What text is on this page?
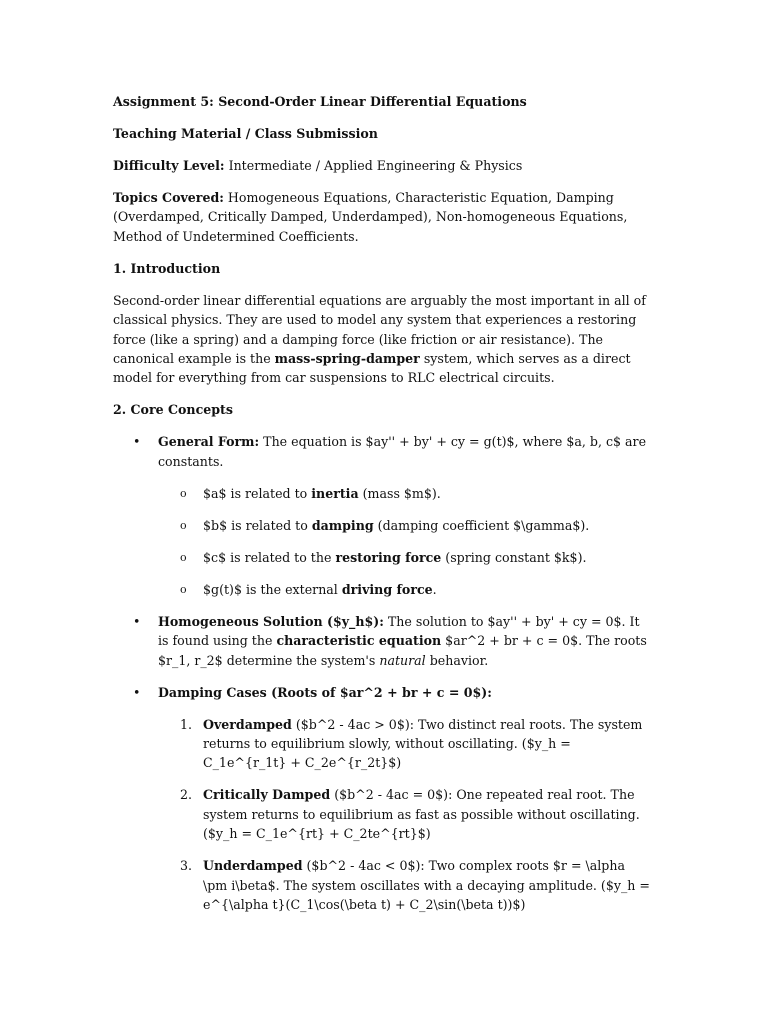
Assignment 5: Second-Order Linear Differential Equations

Teaching Material / Class Submission

Difficulty Level: Intermediate / Applied Engineering & Physics

Topics Covered: Homogeneous Equations, Characteristic Equation, Damping (Overdamped, Critically Damped, Underdamped), Non-homogeneous Equations, Method of Undetermined Coefficients.

1. Introduction

Second-order linear differential equations are arguably the most important in all of classical physics. They are used to model any system that experiences a restoring force (like a spring) and a damping force (like friction or air resistance). The canonical example is the mass-spring-damper system, which serves as a direct model for everything from car suspensions to RLC electrical circuits.

2. Core Concepts

• General Form: The equation is $ay'' + by' + cy = g(t)$, where $a, b, c$ are constants.
o $a$ is related to inertia (mass $m$).
o $b$ is related to damping (damping coefficient $\gamma$).
o $c$ is related to the restoring force (spring constant $k$).
o $g(t)$ is the external driving force.
• Homogeneous Solution ($y_h$): The solution to $ay'' + by' + cy = 0$. It is found using the characteristic equation $ar^2 + br + c = 0$. The roots $r_1, r_2$ determine the system's natural behavior.
• Damping Cases (Roots of $ar^2 + br + c = 0$):
1. Overdamped ($b^2 - 4ac > 0$): Two distinct real roots. The system returns to equilibrium slowly, without oscillating. ($y_h = C_1e^{r_1t} + C_2e^{r_2t}$)
2. Critically Damped ($b^2 - 4ac = 0$): One repeated real root. The system returns to equilibrium as fast as possible without oscillating. ($y_h = C_1e^{rt} + C_2te^{rt}$)
3. Underdamped ($b^2 - 4ac < 0$): Two complex roots $r = \alpha \pm i\beta$. The system oscillates with a decaying amplitude. ($y_h = e^{\alpha t}(C_1\cos(\beta t) + C_2\sin(\beta t))$)
